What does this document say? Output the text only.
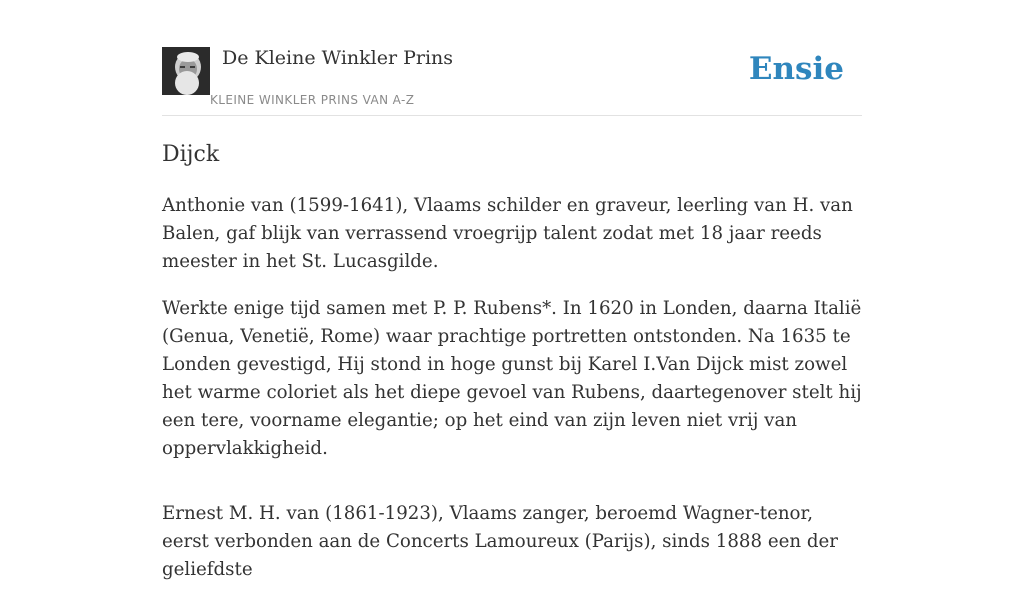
De Kleine Winkler Prins
KLEINE WINKLER PRINS VAN A-Z
Ensie
Dijck

Anthonie van (1599-1641), Vlaams schilder en graveur, leerling van H. van Balen, gaf blijk van verrassend vroegrijp talent zodat met 18 jaar reeds meester in het St. Lucasgilde.

Werkte enige tijd samen met P. P. Rubens*. In 1620 in Londen, daarna Italië (Genua, Venetië, Rome) waar prachtige portretten ontstonden. Na 1635 te Londen gevestigd, Hij stond in hoge gunst bij Karel I.Van Dijck mist zowel het warme coloriet als het diepe gevoel van Rubens, daartegenover stelt hij een tere, voorname elegantie; op het eind van zijn leven niet vrij van oppervlakkigheid.

Ernest M. H. van (1861-1923), Vlaams zanger, beroemd Wagner-tenor, eerst verbonden aan de Concerts Lamoureux (Parijs), sinds 1888 een der geliefdste
